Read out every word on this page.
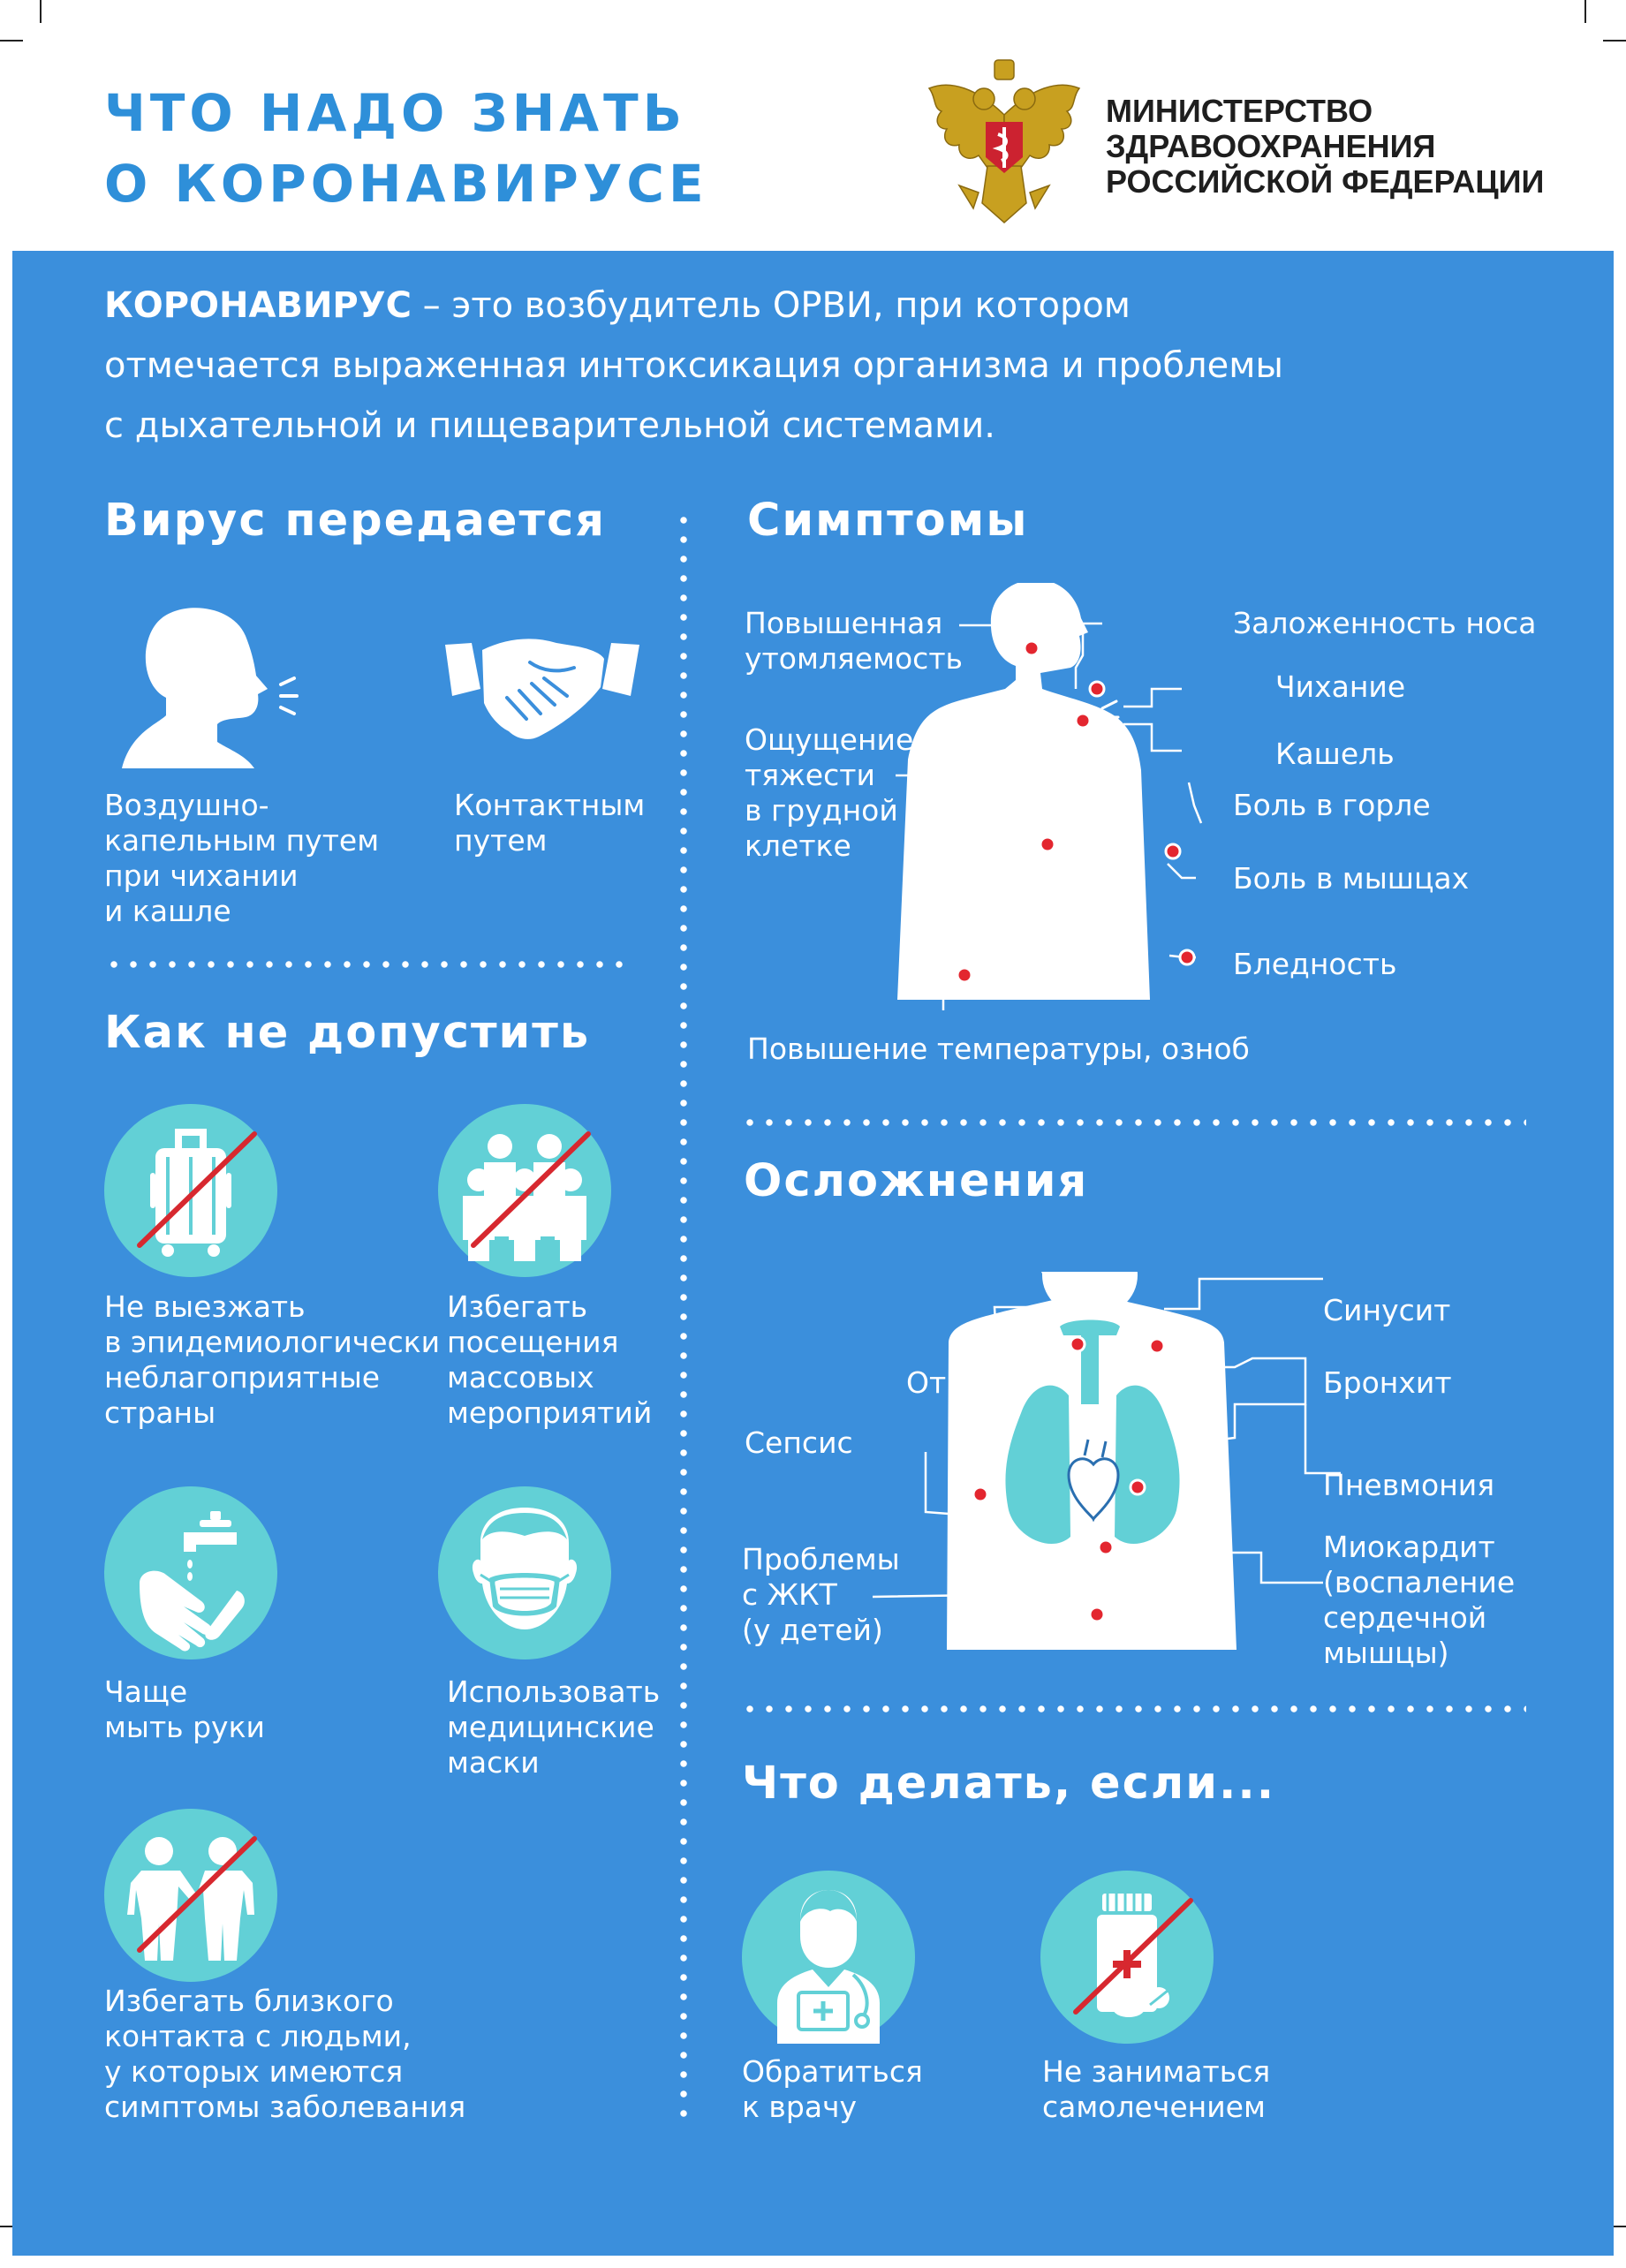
ЧТО НАДО ЗНАТЬ
О КОРОНАВИРУСЕ
МИНИСТЕРСТВО
ЗДРАВООХРАНЕНИЯ
РОССИЙСКОЙ ФЕДЕРАЦИИ
КОРОНАВИРУС – это возбудитель ОРВИ, при котором
отмечается выраженная интоксикация организма и проблемы
с дыхательной и пищеварительной системами.
Вирус передается
Воздушно-
капельным путем
при чихании
и кашле
Контактным
путем
Как не допустить
Не выезжать
в эпидемиологически
неблагоприятные
страны
Избегать
посещения
массовых
мероприятий
Чаще
мыть руки
Использовать
медицинские
маски
Избегать близкого
контакта с людьми,
у которых имеются
симптомы заболевания
Симптомы
Повышенная
утомляемость
Ощущение
тяжести
в грудной
клетке
Заложенность носа
Чихание
Кашель
Боль в горле
Боль в мышцах
Бледность
Повышение температуры, озноб
Осложнения
Синусит
Отит	Бронхит
Сепсис
Пневмония
Миокардит
(воспаление
сердечной
мышцы)
Проблемы
с ЖКТ
(у детей)
Что делать, если...
Обратиться
к врачу
Не заниматься
самолечением
